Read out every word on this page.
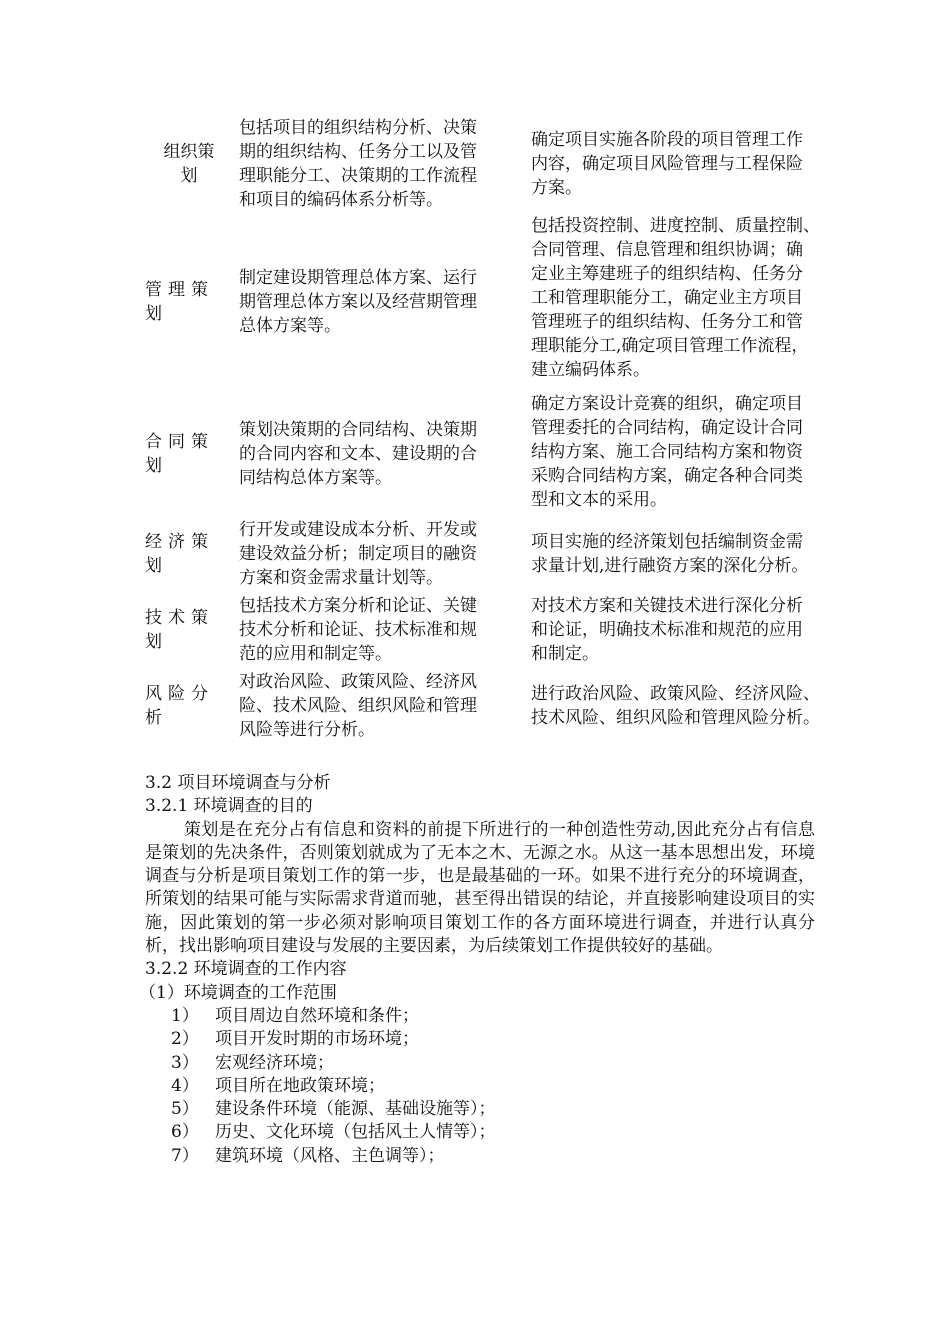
组织策
划
包括项目的组织结构分析、决策
期的组织结构、任务分工以及管
理职能分工、决策期的工作流程
和项目的编码体系分析等。
确定项目实施各阶段的项目管理工作
内容，确定项目风险管理与工程保险
方案。
管理策
划
制定建设期管理总体方案、运行
期管理总体方案以及经营期管理
总体方案等。
包括投资控制、进度控制、质量控制、
合同管理、信息管理和组织协调；确
定业主筹建班子的组织结构、任务分
工和管理职能分工，确定业主方项目
管理班子的组织结构、任务分工和管
理职能分工,确定项目管理工作流程，
建立编码体系。
合同策
划
策划决策期的合同结构、决策期
的合同内容和文本、建设期的合
同结构总体方案等。
确定方案设计竞赛的组织，确定项目
管理委托的合同结构，确定设计合同
结构方案、施工合同结构方案和物资
采购合同结构方案，确定各种合同类
型和文本的采用。
经济策
划
行开发或建设成本分析、开发或
建设效益分析；制定项目的融资
方案和资金需求量计划等。
项目实施的经济策划包括编制资金需
求量计划,进行融资方案的深化分析。
技术策
划
包括技术方案分析和论证、关键
技术分析和论证、技术标准和规
范的应用和制定等。
对技术方案和关键技术进行深化分析
和论证，明确技术标准和规范的应用
和制定。
风险分
析
对政治风险、政策风险、经济风
险、技术风险、组织风险和管理
风险等进行分析。
进行政治风险、政策风险、经济风险、
技术风险、组织风险和管理风险分析。
3.2 项目环境调查与分析
3.2.1 环境调查的目的
策划是在充分占有信息和资料的前提下所进行的一种创造性劳动,因此充分占有信息是策划的先决条件，否则策划就成为了无本之木、无源之水。从这一基本思想出发，环境调查与分析是项目策划工作的第一步，也是最基础的一环。如果不进行充分的环境调查，所策划的结果可能与实际需求背道而驰，甚至得出错误的结论，并直接影响建设项目的实施，因此策划的第一步必须对影响项目策划工作的各方面环境进行调查，并进行认真分析，找出影响项目建设与发展的主要因素，为后续策划工作提供较好的基础。
3.2.2 环境调查的工作内容
（1）环境调查的工作范围
1） 项目周边自然环境和条件；
2） 项目开发时期的市场环境；
3） 宏观经济环境；
4） 项目所在地政策环境；
5） 建设条件环境（能源、基础设施等）；
6） 历史、文化环境（包括风土人情等）；
7） 建筑环境（风格、主色调等）；
